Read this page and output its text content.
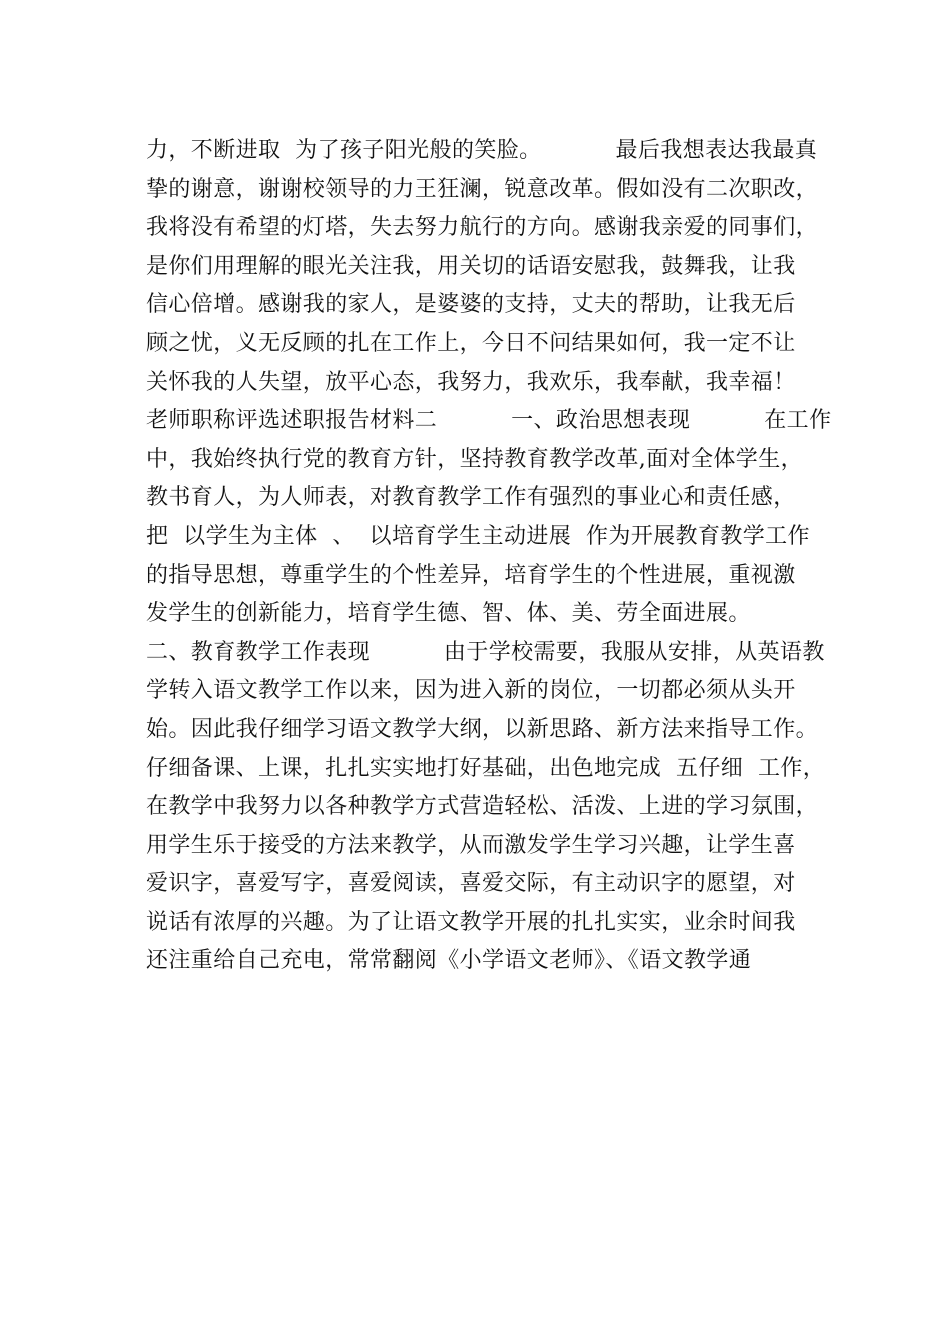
力，不断进取  为了孩子阳光般的笑脸。          最后我想表达我最真
挚的谢意，谢谢校领导的力王狂澜，锐意改革。假如没有二次职改，
我将没有希望的灯塔，失去努力航行的方向。感谢我亲爱的同事们，
是你们用理解的眼光关注我，用关切的话语安慰我，鼓舞我，让我
信心倍增。感谢我的家人，是婆婆的支持，丈夫的帮助，让我无后
顾之忧，义无反顾的扎在工作上，今日不问结果如何，我一定不让
关怀我的人失望，放平心态，我努力，我欢乐，我奉献，我幸福！
老师职称评选述职报告材料二          一、政治思想表现          在工作
中，我始终执行党的教育方针，坚持教育教学改革,面对全体学生，
教书育人，为人师表，对教育教学工作有强烈的事业心和责任感，
把  以学生为主体  、  以培育学生主动进展  作为开展教育教学工作
的指导思想，尊重学生的个性差异，培育学生的个性进展，重视激
发学生的创新能力，培育学生德、智、体、美、劳全面进展。
二、教育教学工作表现          由于学校需要，我服从安排，从英语教
学转入语文教学工作以来，因为进入新的岗位，一切都必须从头开
始。因此我仔细学习语文教学大纲，以新思路、新方法来指导工作。
仔细备课、上课，扎扎实实地打好基础，出色地完成  五仔细  工作，
在教学中我努力以各种教学方式营造轻松、活泼、上进的学习氛围，
用学生乐于接受的方法来教学，从而激发学生学习兴趣，让学生喜
爱识字，喜爱写字，喜爱阅读，喜爱交际，有主动识字的愿望，对
说话有浓厚的兴趣。为了让语文教学开展的扎扎实实，业余时间我
还注重给自己充电，常常翻阅《小学语文老师》、《语文教学通
